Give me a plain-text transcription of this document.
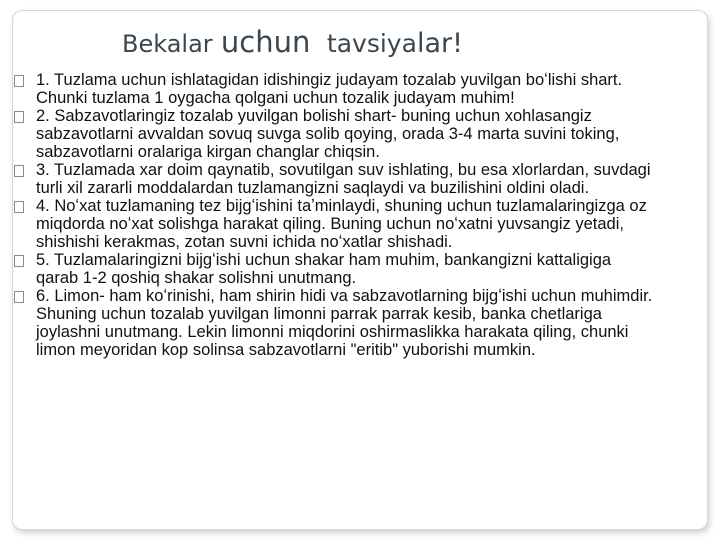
Bekalar uchun tavsiyalar!
1. Tuzlama uchun ishlatagidan idishingiz judayam tozalab yuvilgan boʻlishi shart. Chunki tuzlama 1 oygacha qolgani uchun tozalik judayam muhim!
2. Sabzavotlaringiz tozalab yuvilgan bolishi shart- buning uchun xohlasangiz sabzavotlarni avvaldan sovuq suvga solib qoying, orada 3-4 marta suvini toking, sabzavotlarni oralariga kirgan changlar chiqsin.
3. Tuzlamada xar doim qaynatib, sovutilgan suv ishlating, bu esa xlorlardan, suvdagi turli xil zararli moddalardan tuzlamangizni saqlaydi va buzilishini oldini oladi.
4. Noʻxat tuzlamaning tez bijgʻishini taʼminlaydi, shuning uchun tuzlamalaringizga oz miqdorda noʻxat solishga harakat qiling. Buning uchun noʻxatni yuvsangiz yetadi, shishishi kerakmas, zotan suvni ichida noʻxatlar shishadi.
5. Tuzlamalaringizni bijgʻishi uchun shakar ham muhim, bankangizni kattaligiga qarab 1-2 qoshiq shakar solishni unutmang.
6. Limon- ham koʻrinishi, ham shirin hidi va sabzavotlarning bijgʻishi uchun muhimdir. Shuning uchun tozalab yuvilgan limonni parrak parrak kesib, banka chetlariga joylashni unutmang. Lekin limonni miqdorini oshirmaslikka harakata qiling, chunki limon meyoridan kop solinsa sabzavotlarni "eritib" yuborishi mumkin.
